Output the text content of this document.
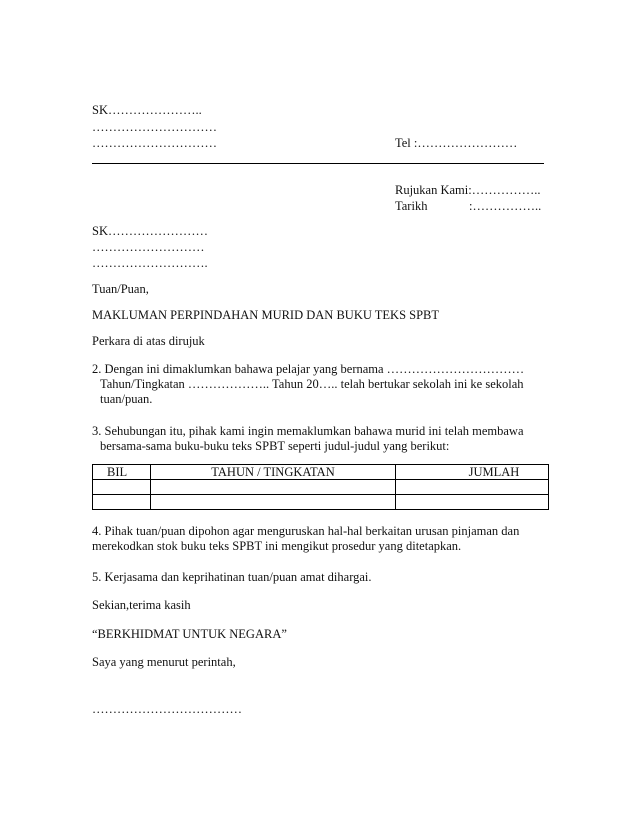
SK…………………..
…………………………
…………………………	Tel :……………………
Rujukan Kami:……………..
Tarikh	:……………..
SK……………………
………………………
……………………….
Tuan/Puan,
MAKLUMAN PERPINDAHAN MURID DAN BUKU TEKS SPBT
Perkara di atas dirujuk
2. Dengan ini dimaklumkan bahawa pelajar yang bernama ……………………………
Tahun/Tingkatan ……………….. Tahun 20….. telah bertukar sekolah ini ke sekolah
tuan/puan.
3. Sehubungan itu, pihak kami ingin memaklumkan bahawa murid ini telah membawa
bersama-sama buku-buku teks SPBT seperti judul-judul yang berikut:
BIL	TAHUN / TINGKATAN	JUMLAH

4. Pihak tuan/puan dipohon agar menguruskan hal-hal berkaitan urusan pinjaman dan
merekodkan stok buku teks SPBT ini mengikut prosedur yang ditetapkan.
5. Kerjasama dan keprihatinan tuan/puan amat dihargai.
Sekian,terima kasih
“BERKHIDMAT UNTUK NEGARA”
Saya yang menurut perintah,
………………………………
